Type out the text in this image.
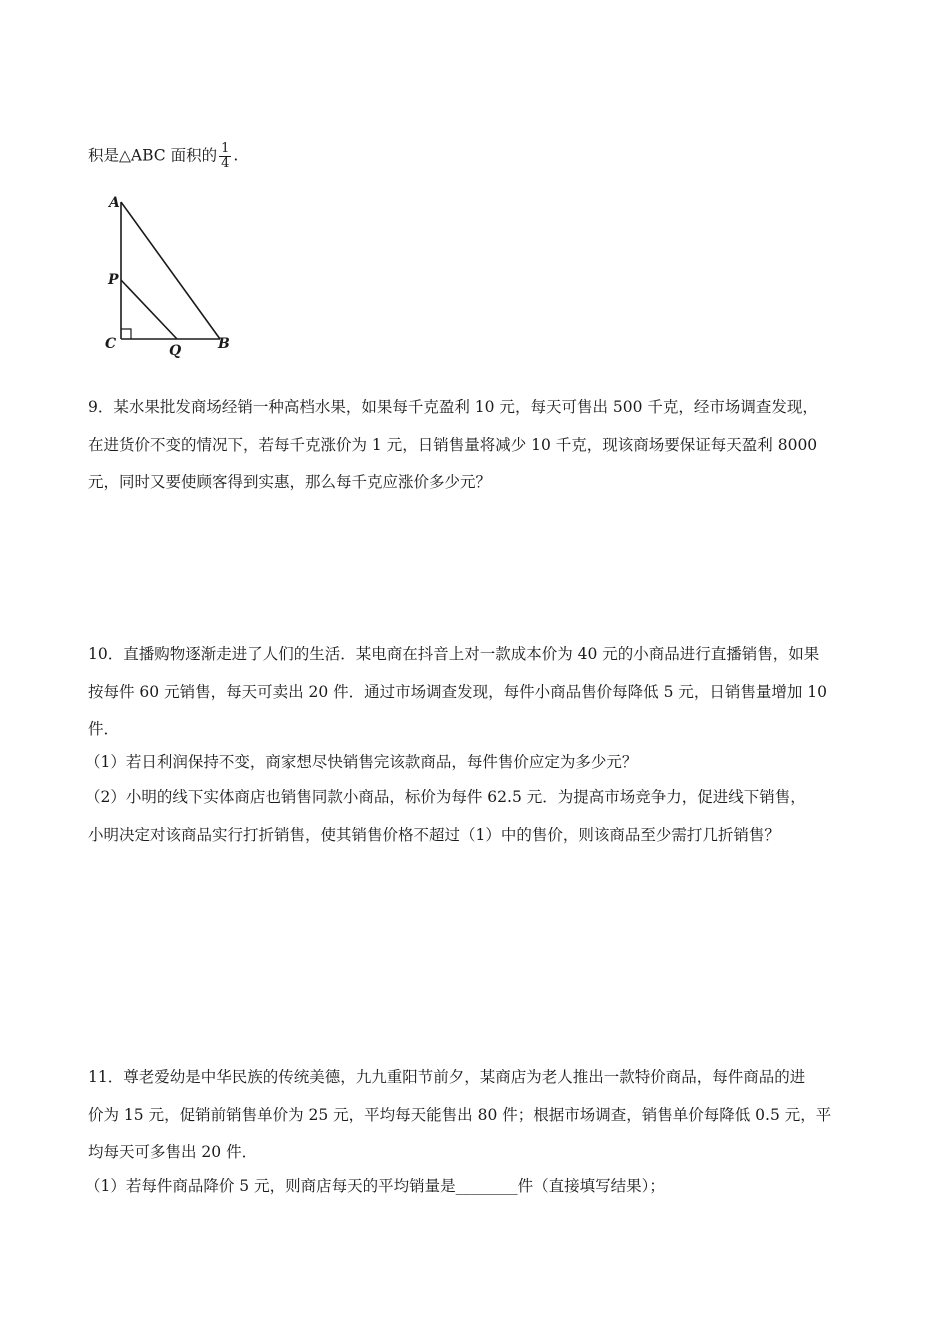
积是△ABC 面积的 $\frac{1}{4}$ .
A
P
C	Q	B
9．某水果批发商场经销一种高档水果，如果每千克盈利 10 元，每天可售出 500 千克，经市场调查发现，
在进货价不变的情况下，若每千克涨价为 1 元，日销售量将减少 10 千克，现该商场要保证每天盈利 8000
元，同时又要使顾客得到实惠，那么每千克应涨价多少元？
10．直播购物逐渐走进了人们的生活．某电商在抖音上对一款成本价为 40 元的小商品进行直播销售，如果
按每件 60 元销售，每天可卖出 20 件．通过市场调查发现，每件小商品售价每降低 5 元，日销售量增加 10
件．
（1）若日利润保持不变，商家想尽快销售完该款商品，每件售价应定为多少元？
（2）小明的线下实体商店也销售同款小商品，标价为每件 62.5 元．为提高市场竞争力，促进线下销售，
小明决定对该商品实行打折销售，使其销售价格不超过（1）中的售价，则该商品至少需打几折销售？
11．尊老爱幼是中华民族的传统美德，九九重阳节前夕，某商店为老人推出一款特价商品，每件商品的进
价为 15 元，促销前销售单价为 25 元，平均每天能售出 80 件；根据市场调查，销售单价每降低 0.5 元，平
均每天可多售出 20 件．
（1）若每件商品降价 5 元，则商店每天的平均销量是________件（直接填写结果）；
